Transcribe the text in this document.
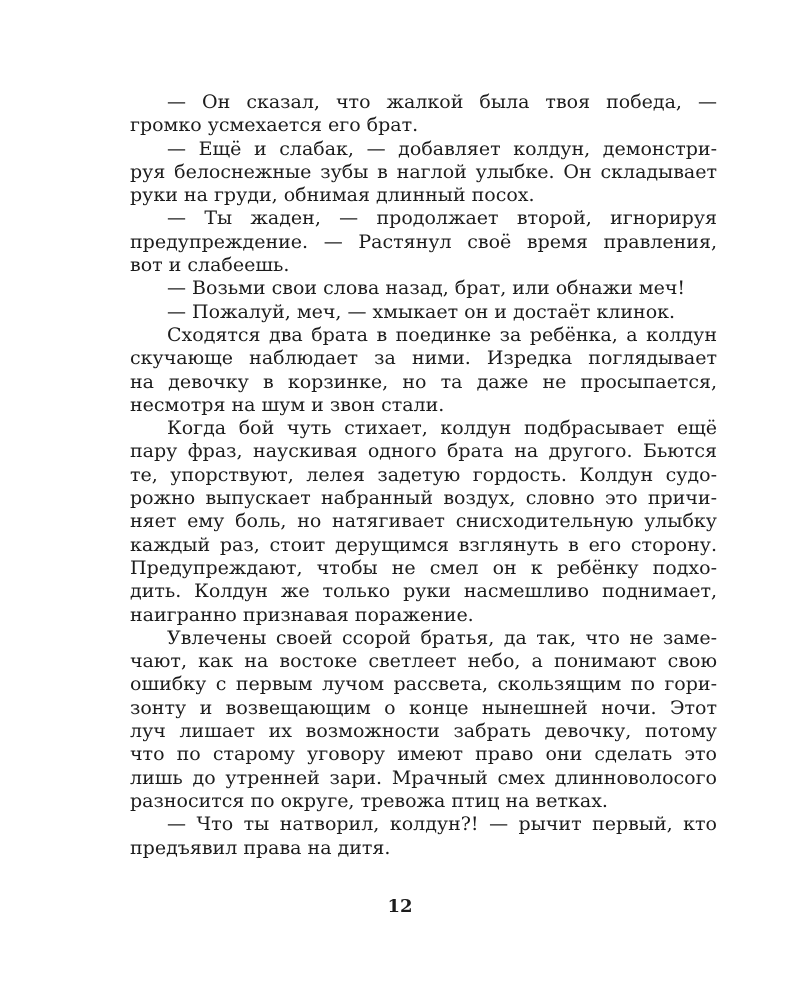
— Он сказал, что жалкой была твоя победа, —
громко усмехается его брат.
— Ещё и слабак, — добавляет колдун, демонстри-
руя белоснежные зубы в наглой улыбке. Он складывает
руки на груди, обнимая длинный посох.
— Ты жаден, — продолжает второй, игнорируя
предупреждение. — Растянул своё время правления,
вот и слабеешь.
— Возьми свои слова назад, брат, или обнажи меч!
— Пожалуй, меч, — хмыкает он и достаёт клинок.
Сходятся два брата в поединке за ребёнка, а колдун
скучающе наблюдает за ними. Изредка поглядывает
на девочку в корзинке, но та даже не просыпается,
несмотря на шум и звон стали.
Когда бой чуть стихает, колдун подбрасывает ещё
пару фраз, наускивая одного брата на другого. Бьются
те, упорствуют, лелея задетую гордость. Колдун судо-
рожно выпускает набранный воздух, словно это причи-
няет ему боль, но натягивает снисходительную улыбку
каждый раз, стоит дерущимся взглянуть в его сторону.
Предупреждают, чтобы не смел он к ребёнку подхо-
дить. Колдун же только руки насмешливо поднимает,
наигранно признавая поражение.
Увлечены своей ссорой братья, да так, что не заме-
чают, как на востоке светлеет небо, а понимают свою
ошибку с первым лучом рассвета, скользящим по гори-
зонту и возвещающим о конце нынешней ночи. Этот
луч лишает их возможности забрать девочку, потому
что по старому уговору имеют право они сделать это
лишь до утренней зари. Мрачный смех длинноволосого
разносится по округе, тревожа птиц на ветках.
— Что ты натворил, колдун?! — рычит первый, кто
предъявил права на дитя.
12
